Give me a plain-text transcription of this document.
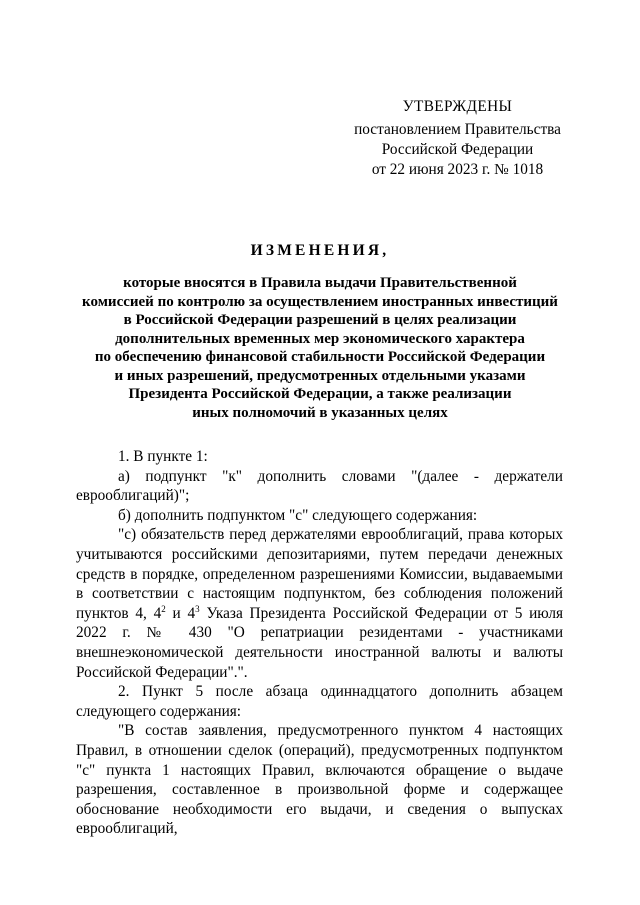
УТВЕРЖДЕНЫ
постановлением Правительства
Российской Федерации
от 22 июня 2023 г. № 1018
ИЗМЕНЕНИЯ,
которые вносятся в Правила выдачи Правительственной
комиссией по контролю за осуществлением иностранных инвестиций
в Российской Федерации разрешений в целях реализации
дополнительных временных мер экономического характера
по обеспечению финансовой стабильности Российской Федерации
и иных разрешений, предусмотренных отдельными указами
Президента Российской Федерации, а также реализации
иных полномочий в указанных целях
1. В пункте 1:
а) подпункт "к" дополнить словами "(далее - держатели
еврооблигаций)";
б) дополнить подпунктом "с" следующего содержания:
"с) обязательств перед держателями еврооблигаций, права которых учитываются российскими депозитариями, путем передачи денежных средств в порядке, определенном разрешениями Комиссии, выдаваемыми в соответствии с настоящим подпунктом, без соблюдения положений пунктов 4, $4^2$ и $4^3$ Указа Президента Российской Федерации от 5 июля 2022 г. № 430 "О репатриации резидентами - участниками внешнеэкономической деятельности иностранной валюты и валюты Российской Федерации".".
2. Пункт 5 после абзаца одиннадцатого дополнить абзацем
следующего содержания:
"В состав заявления, предусмотренного пунктом 4 настоящих Правил, в отношении сделок (операций), предусмотренных подпунктом "с" пункта 1 настоящих Правил, включаются обращение о выдаче разрешения, составленное в произвольной форме и содержащее обоснование необходимости его выдачи, и сведения о выпусках еврооблигаций,
